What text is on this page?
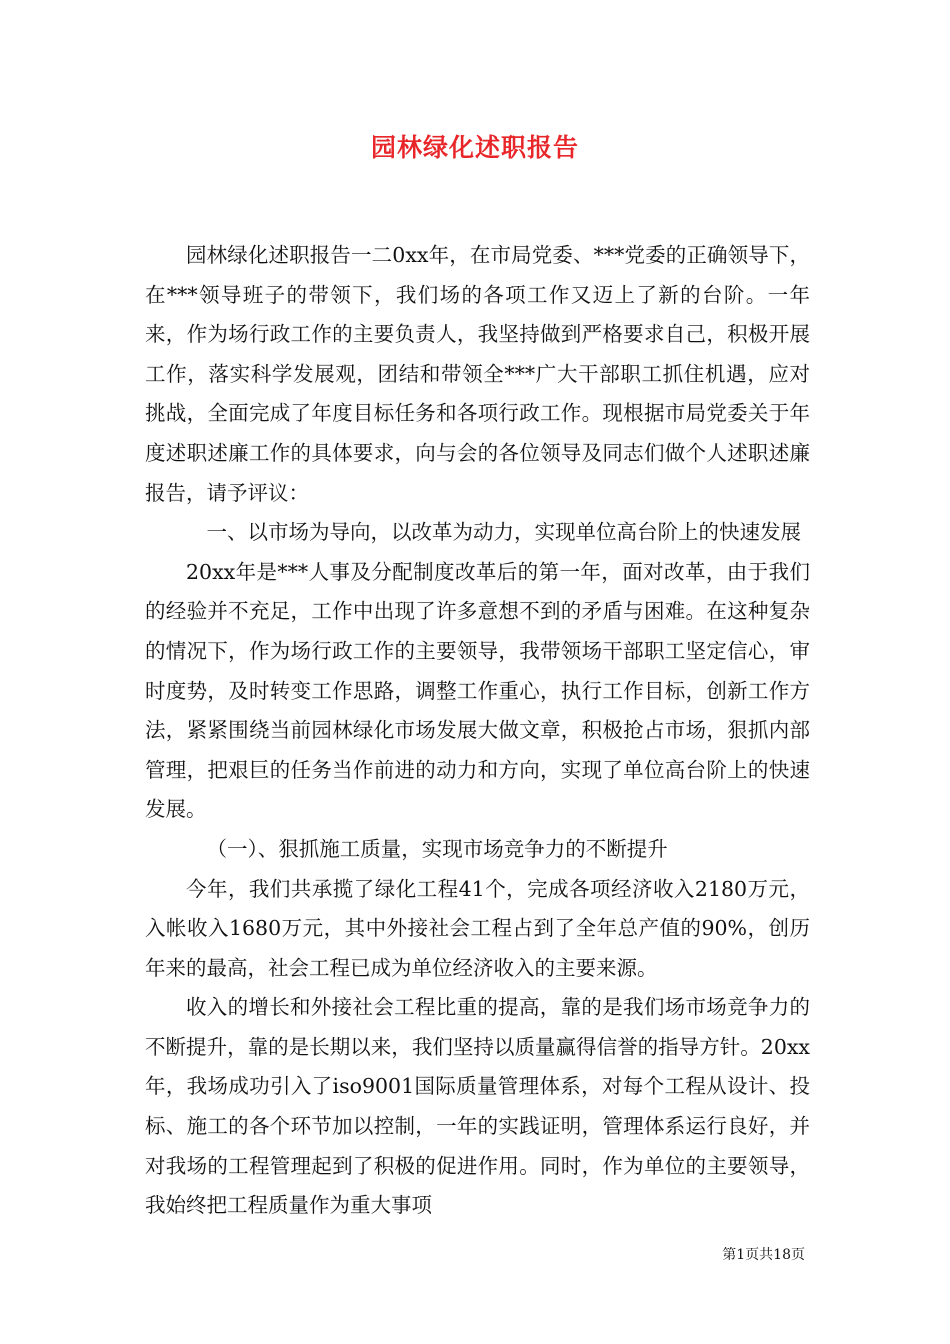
园林绿化述职报告

园林绿化述职报告一二0xx年，在市局党委、***党委的正确领导下，在***领导班子的带领下，我们场的各项工作又迈上了新的台阶。一年来，作为场行政工作的主要负责人，我坚持做到严格要求自己，积极开展工作，落实科学发展观，团结和带领全***广大干部职工抓住机遇，应对挑战，全面完成了年度目标任务和各项行政工作。现根据市局党委关于年度述职述廉工作的具体要求，向与会的各位领导及同志们做个人述职述廉报告，请予评议：

一、以市场为导向，以改革为动力，实现单位高台阶上的快速发展

20xx年是***人事及分配制度改革后的第一年，面对改革，由于我们的经验并不充足，工作中出现了许多意想不到的矛盾与困难。在这种复杂的情况下，作为场行政工作的主要领导，我带领场干部职工坚定信心，审时度势，及时转变工作思路，调整工作重心，执行工作目标，创新工作方法，紧紧围绕当前园林绿化市场发展大做文章，积极抢占市场，狠抓内部管理，把艰巨的任务当作前进的动力和方向，实现了单位高台阶上的快速发展。

（一）、狠抓施工质量，实现市场竞争力的不断提升

今年，我们共承揽了绿化工程41个，完成各项经济收入2180万元，入帐收入1680万元，其中外接社会工程占到了全年总产值的90%，创历年来的最高，社会工程已成为单位经济收入的主要来源。

收入的增长和外接社会工程比重的提高，靠的是我们场市场竞争力的不断提升，靠的是长期以来，我们坚持以质量赢得信誉的指导方针。20xx年，我场成功引入了iso9001国际质量管理体系，对每个工程从设计、投标、施工的各个环节加以控制，一年的实践证明，管理体系运行良好，并对我场的工程管理起到了积极的促进作用。同时，作为单位的主要领导，我始终把工程质量作为重大事项

第1页共18页
